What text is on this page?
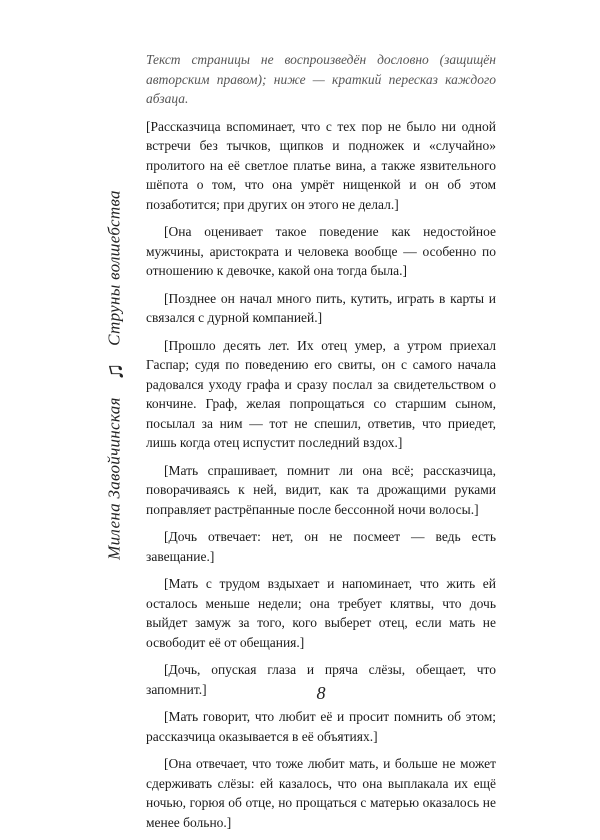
Милена Завойчинская ♫ Струны волшебства

Текст страницы не воспроизведён дословно (защищён авторским правом); ниже — краткий пересказ каждого абзаца.

[Рассказчица вспоминает, что с тех пор не было ни одной встречи без тычков, щипков и подножек и «случайно» пролитого на её светлое платье вина, а также язвительного шёпота о том, что она умрёт нищенкой и он об этом позаботится; при других он этого не делал.]

[Она оценивает такое поведение как недостойное мужчины, аристократа и человека вообще — особенно по отношению к девочке, какой она тогда была.]

[Позднее он начал много пить, кутить, играть в карты и связался с дурной компанией.]

[Прошло десять лет. Их отец умер, а утром приехал Гаспар; судя по поведению его свиты, он с самого начала радовался уходу графа и сразу послал за свидетельством о кончине. Граф, желая попрощаться со старшим сыном, посылал за ним — тот не спешил, ответив, что приедет, лишь когда отец испустит последний вздох.]

[Мать спрашивает, помнит ли она всё; рассказчица, поворачиваясь к ней, видит, как та дрожащими руками поправляет растрёпанные после бессонной ночи волосы.]

[Дочь отвечает: нет, он не посмеет — ведь есть завещание.]

[Мать с трудом вздыхает и напоминает, что жить ей осталось меньше недели; она требует клятвы, что дочь выйдет замуж за того, кого выберет отец, если мать не освободит её от обещания.]

[Дочь, опуская глаза и пряча слёзы, обещает, что запомнит.]

[Мать говорит, что любит её и просит помнить об этом; рассказчица оказывается в её объятиях.]

[Она отвечает, что тоже любит мать, и больше не может сдерживать слёзы: ей казалось, что она выплакала их ещё ночью, горюя об отце, но прощаться с матерью оказалось не менее больно.]

8
